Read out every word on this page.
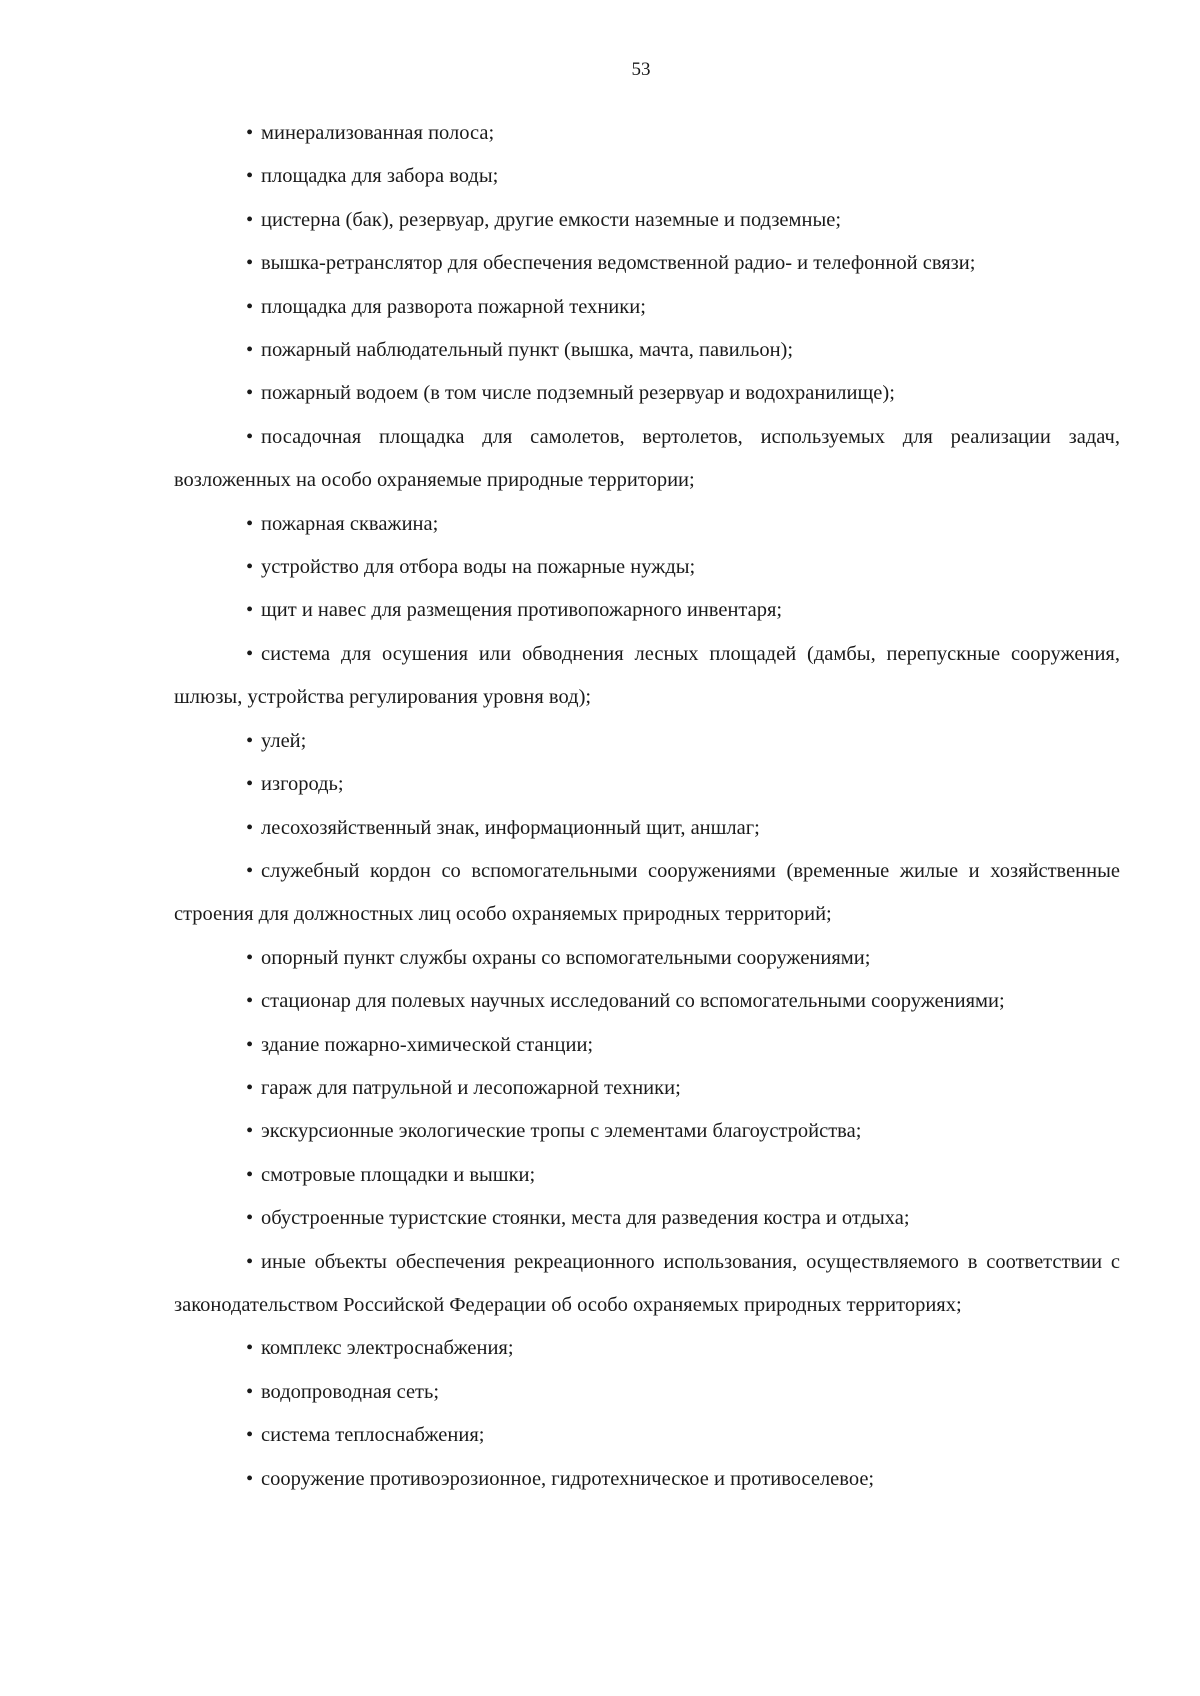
53
• минерализованная полоса;
• площадка для забора воды;
• цистерна (бак), резервуар, другие емкости наземные и подземные;
• вышка-ретранслятор для обеспечения ведомственной радио- и телефонной связи;
• площадка для разворота пожарной техники;
• пожарный наблюдательный пункт (вышка, мачта, павильон);
• пожарный водоем (в том числе подземный резервуар и водохранилище);
• посадочная площадка для самолетов, вертолетов, используемых для реализации задач, возложенных на особо охраняемые природные территории;
• пожарная скважина;
• устройство для отбора воды на пожарные нужды;
• щит и навес для размещения противопожарного инвентаря;
• система для осушения или обводнения лесных площадей (дамбы, перепускные сооружения, шлюзы, устройства регулирования уровня вод);
• улей;
• изгородь;
• лесохозяйственный знак, информационный щит, аншлаг;
• служебный кордон со вспомогательными сооружениями (временные жилые и хозяйственные строения для должностных лиц особо охраняемых природных территорий;
• опорный пункт службы охраны со вспомогательными сооружениями;
• стационар для полевых научных исследований со вспомогательными сооружениями;
• здание пожарно-химической станции;
• гараж для патрульной и лесопожарной техники;
• экскурсионные экологические тропы с элементами благоустройства;
• смотровые площадки и вышки;
• обустроенные туристские стоянки, места для разведения костра и отдыха;
• иные объекты обеспечения рекреационного использования, осуществляемого в соответствии с законодательством Российской Федерации об особо охраняемых природных территориях;
• комплекс электроснабжения;
• водопроводная сеть;
• система теплоснабжения;
• сооружение противоэрозионное, гидротехническое и противоселевое;
